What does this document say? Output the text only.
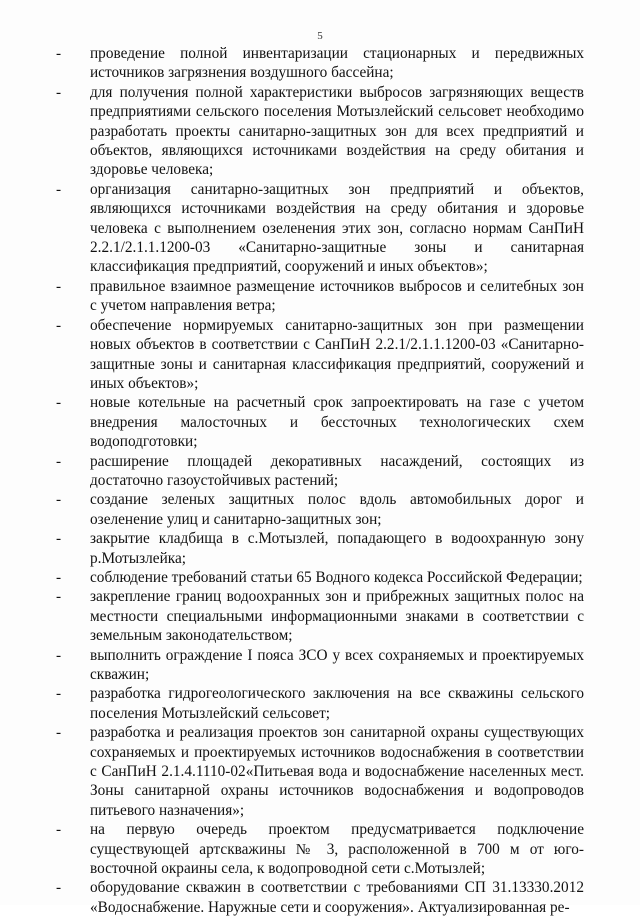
5
-	проведение полной инвентаризации стационарных и передвижных источников загрязнения воздушного бассейна;
-	для получения полной характеристики выбросов загрязняющих веществ предприятиями сельского поселения Мотызлейский сельсовет необходимо разработать проекты санитарно-защитных зон для всех предприятий и объектов, являющихся источниками воздействия на среду обитания и здоровье человека;
-	организация санитарно-защитных зон предприятий и объектов, являющихся источниками воздействия на среду обитания и здоровье человека с выполнением озеленения этих зон, согласно нормам СанПиН 2.2.1/2.1.1.1200-03 «Санитарно-защитные зоны и санитарная классификация предприятий, сооружений и иных объектов»;
-	правильное взаимное размещение источников выбросов и селитебных зон с учетом направления ветра;
-	обеспечение нормируемых санитарно-защитных зон при размещении новых объектов в соответствии с СанПиН 2.2.1/2.1.1.1200-03 «Санитарно-защитные зоны и санитарная классификация предприятий, сооружений и иных объектов»;
-	новые котельные на расчетный срок запроектировать на газе с учетом внедрения малосточных и бессточных технологических схем водоподготовки;
-	расширение площадей декоративных насаждений, состоящих из достаточно газоустойчивых растений;
-	создание зеленых защитных полос вдоль автомобильных дорог и озеленение улиц и санитарно-защитных зон;
-	закрытие кладбища в с.Мотызлей, попадающего в водоохранную зону р.Мотызлейка;
-	соблюдение требований статьи 65 Водного кодекса Российской Федерации;
-	закрепление границ водоохранных зон и прибрежных защитных полос на местности специальными информационными знаками в соответствии с земельным законодательством;
-	выполнить ограждение I пояса ЗСО у всех сохраняемых и проектируемых скважин;
-	разработка гидрогеологического заключения на все скважины сельского поселения Мотызлейский сельсовет;
-	разработка и реализация проектов зон санитарной охраны существующих сохраняемых и проектируемых источников водоснабжения в соответствии с СанПиН 2.1.4.1110-02«Питьевая вода и водоснабжение населенных мест. Зоны санитарной охраны источников водоснабжения и водопроводов питьевого назначения»;
-	на первую очередь проектом предусматривается подключение существующей артскважины № 3, расположенной в 700 м от юго-восточной окраины села, к водопроводной сети с.Мотызлей;
-	оборудование скважин в соответствии с требованиями СП 31.13330.2012 «Водоснабжение. Наружные сети и сооружения». Актуализированная ре-
